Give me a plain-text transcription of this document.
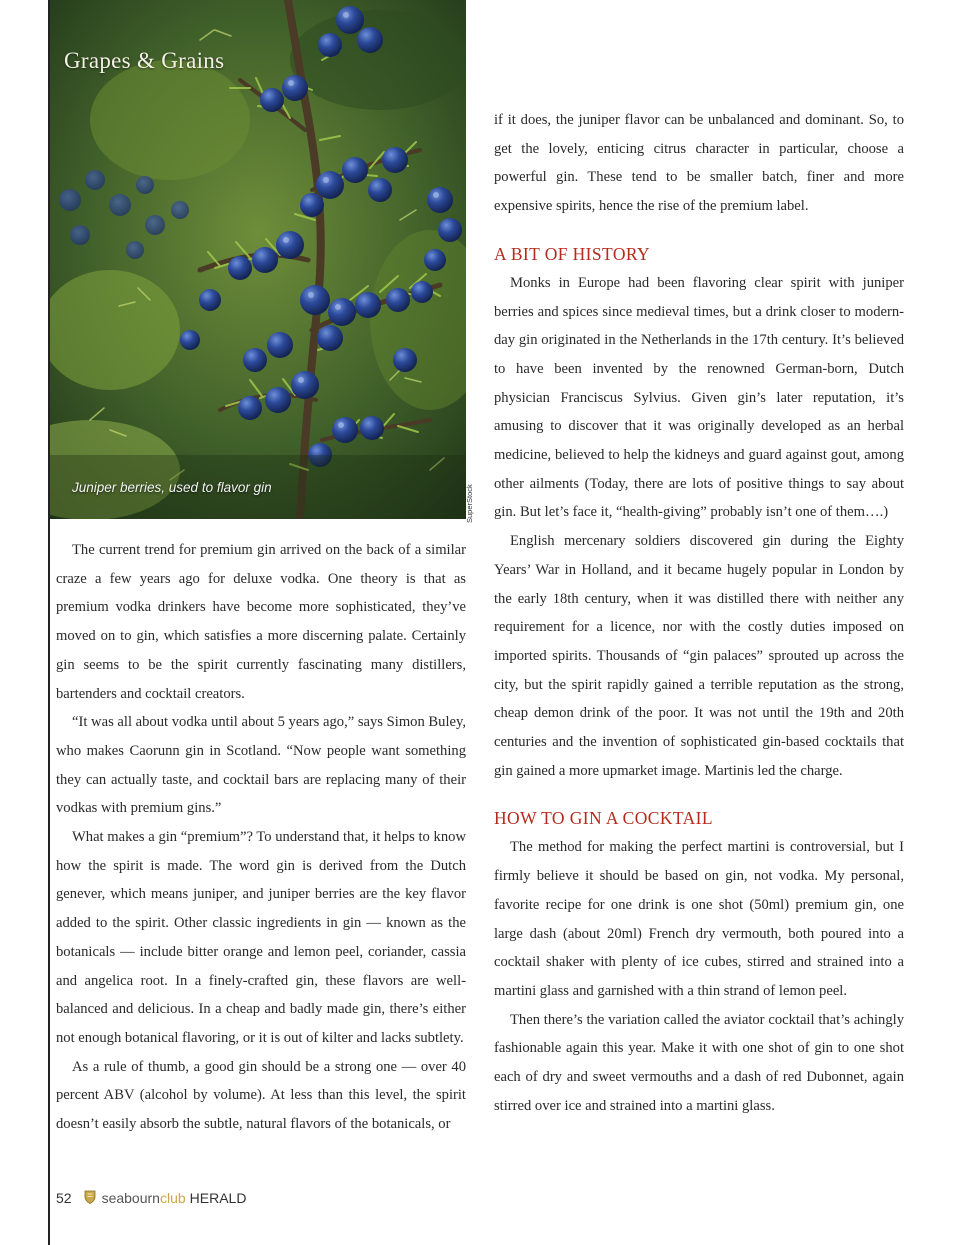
Grapes & Grains
Juniper berries, used to flavor gin	SuperStock

The current trend for premium gin arrived on the back of a similar craze a few years ago for deluxe vodka. One theory is that as premium vodka drinkers have become more sophisticated, they’ve moved on to gin, which satisfies a more discerning palate. Certainly gin seems to be the spirit currently fascinating many distillers, bartenders and cocktail creators.

“It was all about vodka until about 5 years ago,” says Simon Buley, who makes Caorunn gin in Scotland. “Now people want something they can actually taste, and cocktail bars are replacing many of their vodkas with premium gins.”

What makes a gin “premium”? To understand that, it helps to know how the spirit is made. The word gin is derived from the Dutch genever, which means juniper, and juniper berries are the key flavor added to the spirit. Other classic ingredients in gin — known as the botanicals — include bitter orange and lemon peel, coriander, cassia and angelica root. In a finely-crafted gin, these flavors are well-balanced and delicious. In a cheap and badly made gin, there’s either not enough botanical flavoring, or it is out of kilter and lacks subtlety.

As a rule of thumb, a good gin should be a strong one — over 40 percent ABV (alcohol by volume). At less than this level, the spirit doesn’t easily absorb the subtle, natural flavors of the botanicals, or

if it does, the juniper flavor can be unbalanced and dominant. So, to get the lovely, enticing citrus character in particular, choose a powerful gin. These tend to be smaller batch, finer and more expensive spirits, hence the rise of the premium label.

A BIT OF HISTORY

Monks in Europe had been flavoring clear spirit with juniper berries and spices since medieval times, but a drink closer to modern-day gin originated in the Netherlands in the 17th century. It’s believed to have been invented by the renowned German-born, Dutch physician Franciscus Sylvius. Given gin’s later reputation, it’s amusing to discover that it was originally developed as an herbal medicine, believed to help the kidneys and guard against gout, among other ailments (Today, there are lots of positive things to say about gin. But let’s face it, “health-giving” probably isn’t one of them….)

English mercenary soldiers discovered gin during the Eighty Years’ War in Holland, and it became hugely popular in London by the early 18th century, when it was distilled there with neither any requirement for a licence, nor with the costly duties imposed on imported spirits. Thousands of “gin palaces” sprouted up across the city, but the spirit rapidly gained a terrible reputation as the strong, cheap demon drink of the poor. It was not until the 19th and 20th centuries and the invention of sophisticated gin-based cocktails that gin gained a more upmarket image. Martinis led the charge.

HOW TO GIN A COCKTAIL

The method for making the perfect martini is controversial, but I firmly believe it should be based on gin, not vodka. My personal, favorite recipe for one drink is one shot (50ml) premium gin, one large dash (about 20ml) French dry vermouth, both poured into a cocktail shaker with plenty of ice cubes, stirred and strained into a martini glass and garnished with a thin strand of lemon peel.

Then there’s the variation called the aviator cocktail that’s achingly fashionable again this year. Make it with one shot of gin to one shot each of dry and sweet vermouths and a dash of red Dubonnet, again stirred over ice and strained into a martini glass.

52 seabournclub HERALD
